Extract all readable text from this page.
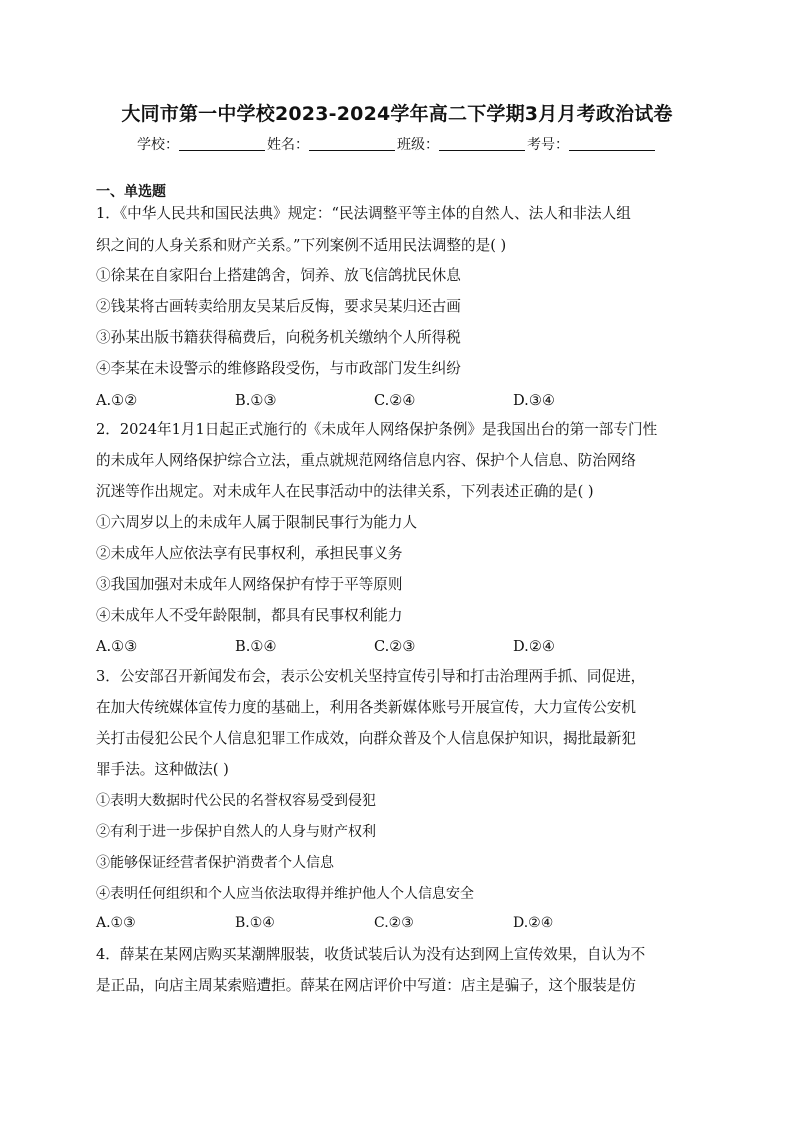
大同市第一中学校2023-2024学年高二下学期3月月考政治试卷
学校：	姓名：	班级：	考号：
一、单选题
1．《中华人民共和国民法典》规定：“民法调整平等主体的自然人、法人和非法人组
织之间的人身关系和财产关系。”下列案例不适用民法调整的是( )
①徐某在自家阳台上搭建鸽舍，饲养、放飞信鸽扰民休息
②钱某将古画转卖给朋友吴某后反悔，要求吴某归还古画
③孙某出版书籍获得稿费后，向税务机关缴纳个人所得税
④李某在未设警示的维修路段受伤，与市政部门发生纠纷
A.①②	B.①③	C.②④	D.③④
2．2024年1月1日起正式施行的《未成年人网络保护条例》是我国出台的第一部专门性
的未成年人网络保护综合立法，重点就规范网络信息内容、保护个人信息、防治网络
沉迷等作出规定。对未成年人在民事活动中的法律关系，下列表述正确的是( )
①六周岁以上的未成年人属于限制民事行为能力人
②未成年人应依法享有民事权利，承担民事义务
③我国加强对未成年人网络保护有悖于平等原则
④未成年人不受年龄限制，都具有民事权利能力
A.①③	B.①④	C.②③	D.②④
3．公安部召开新闻发布会，表示公安机关坚持宣传引导和打击治理两手抓、同促进，
在加大传统媒体宣传力度的基础上，利用各类新媒体账号开展宣传，大力宣传公安机
关打击侵犯公民个人信息犯罪工作成效，向群众普及个人信息保护知识，揭批最新犯
罪手法。这种做法( )
①表明大数据时代公民的名誉权容易受到侵犯
②有利于进一步保护自然人的人身与财产权利
③能够保证经营者保护消费者个人信息
④表明任何组织和个人应当依法取得并维护他人个人信息安全
A.①③	B.①④	C.②③	D.②④
4．薛某在某网店购买某潮牌服装，收货试装后认为没有达到网上宣传效果，自认为不
是正品，向店主周某索赔遭拒。薛某在网店评价中写道：店主是骗子，这个服装是仿
